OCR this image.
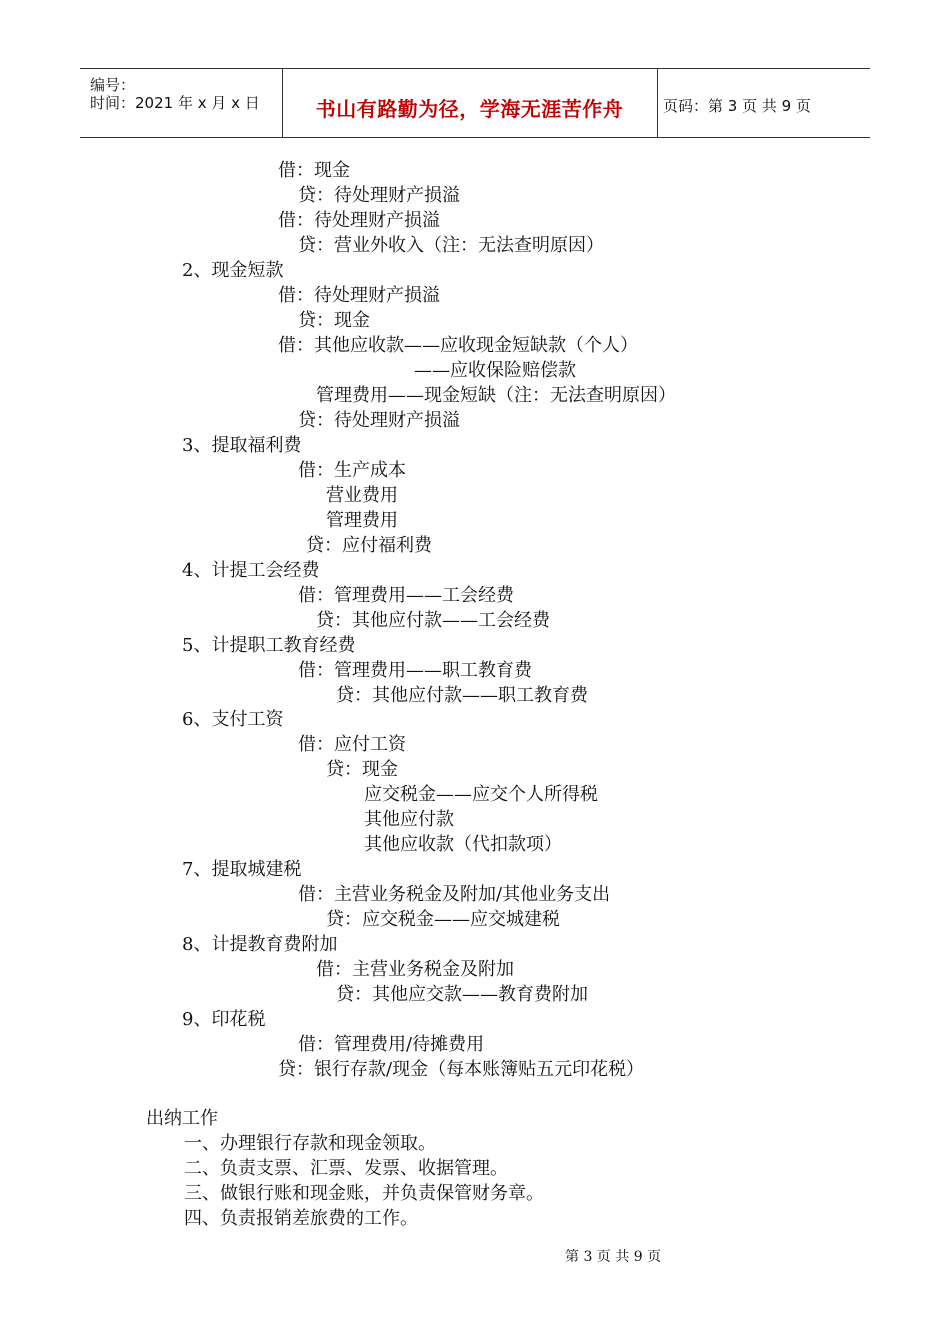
编号：
时间：2021 年 x 月 x 日	书山有路勤为径，学海无涯苦作舟	页码：第 3 页 共 9 页
借：现金
贷：待处理财产损溢
借：待处理财产损溢
贷：营业外收入（注：无法查明原因）
2、现金短款
借：待处理财产损溢
贷：现金
借：其他应收款——应收现金短缺款（个人）
——应收保险赔偿款
管理费用——现金短缺（注：无法查明原因）
贷：待处理财产损溢
3、提取福利费
借：生产成本
营业费用
管理费用
贷：应付福利费
4、计提工会经费
借：管理费用——工会经费
贷：其他应付款——工会经费
5、计提职工教育经费
借：管理费用——职工教育费
贷：其他应付款——职工教育费
6、支付工资
借：应付工资
贷：现金
应交税金——应交个人所得税
其他应付款
其他应收款（代扣款项）
7、提取城建税
借：主营业务税金及附加/其他业务支出
贷：应交税金——应交城建税
8、计提教育费附加
借：主营业务税金及附加
贷：其他应交款——教育费附加
9、印花税
借：管理费用/待摊费用
贷：银行存款/现金（每本账簿贴五元印花税）
出纳工作
一、办理银行存款和现金领取。
二、负责支票、汇票、发票、收据管理。
三、做银行账和现金账，并负责保管财务章。
四、负责报销差旅费的工作。
第 3 页 共 9 页
